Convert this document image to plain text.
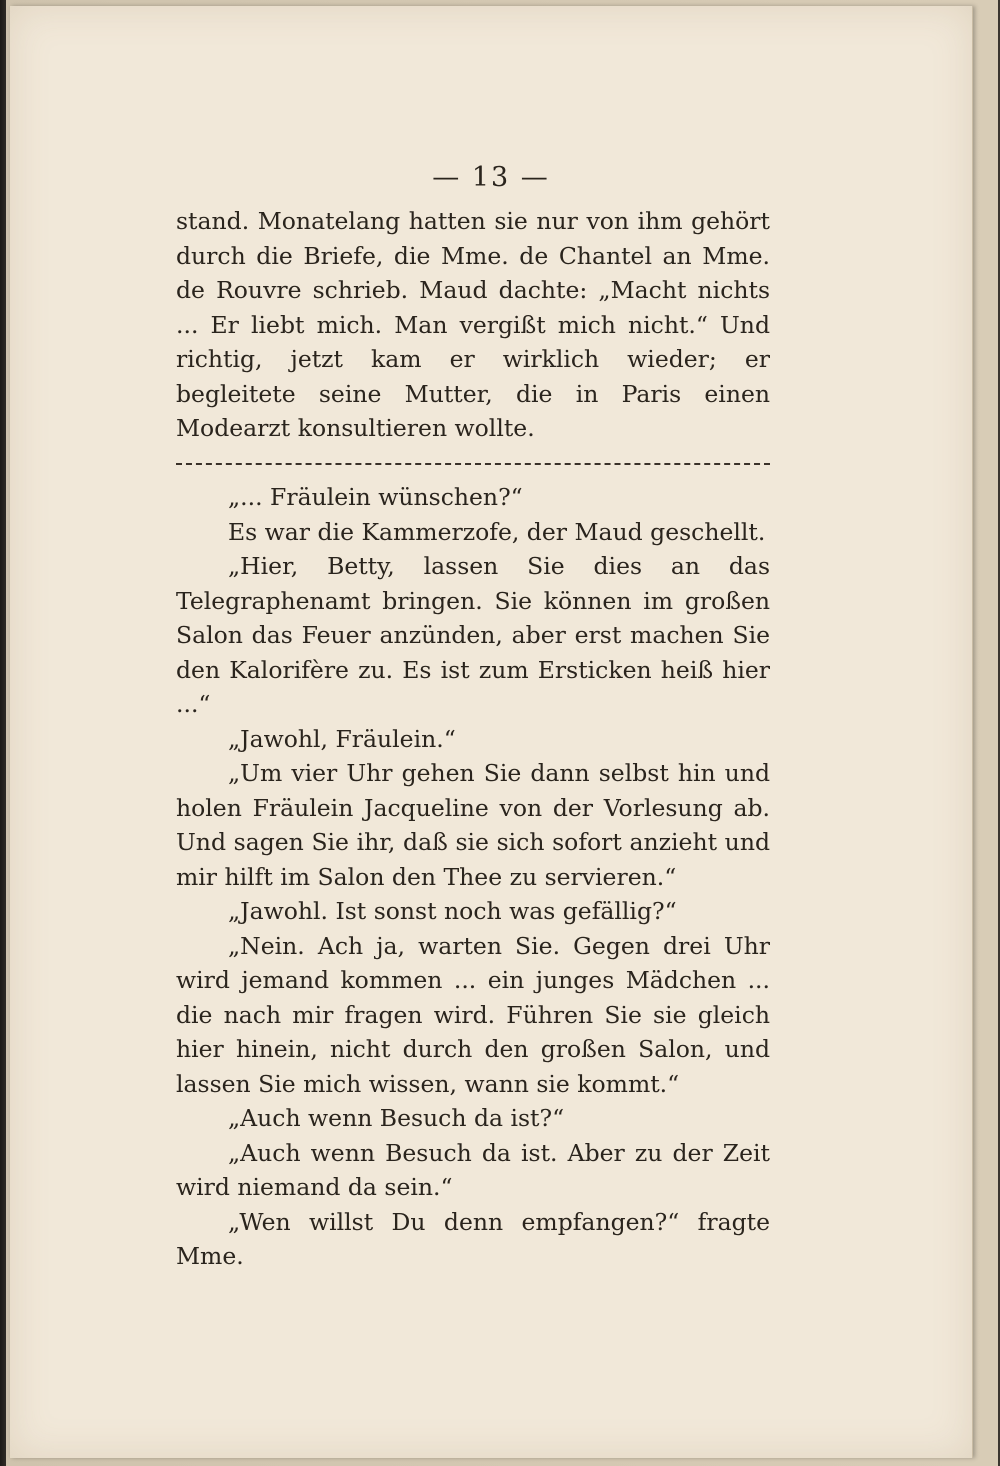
— 13 —

stand. Monatelang hatten sie nur von ihm gehört durch die Briefe, die Mme. de Chantel an Mme. de Rouvre schrieb. Maud dachte: „Macht nichts ... Er liebt mich. Man vergißt mich nicht.“ Und richtig, jetzt kam er wirklich wieder; er begleitete seine Mutter, die in Paris einen Modearzt konsultieren wollte.

„... Fräulein wünschen?“

Es war die Kammerzofe, der Maud geschellt.

„Hier, Betty, lassen Sie dies an das Telegraphenamt bringen. Sie können im großen Salon das Feuer anzünden, aber erst machen Sie den Kalorifère zu. Es ist zum Ersticken heiß hier ...“

„Jawohl, Fräulein.“

„Um vier Uhr gehen Sie dann selbst hin und holen Fräulein Jacqueline von der Vorlesung ab. Und sagen Sie ihr, daß sie sich sofort anzieht und mir hilft im Salon den Thee zu servieren.“

„Jawohl. Ist sonst noch was gefällig?“

„Nein. Ach ja, warten Sie. Gegen drei Uhr wird jemand kommen ... ein junges Mädchen ... die nach mir fragen wird. Führen Sie sie gleich hier hinein, nicht durch den großen Salon, und lassen Sie mich wissen, wann sie kommt.“

„Auch wenn Besuch da ist?“

„Auch wenn Besuch da ist. Aber zu der Zeit wird niemand da sein.“

„Wen willst Du denn empfangen?“ fragte Mme.
